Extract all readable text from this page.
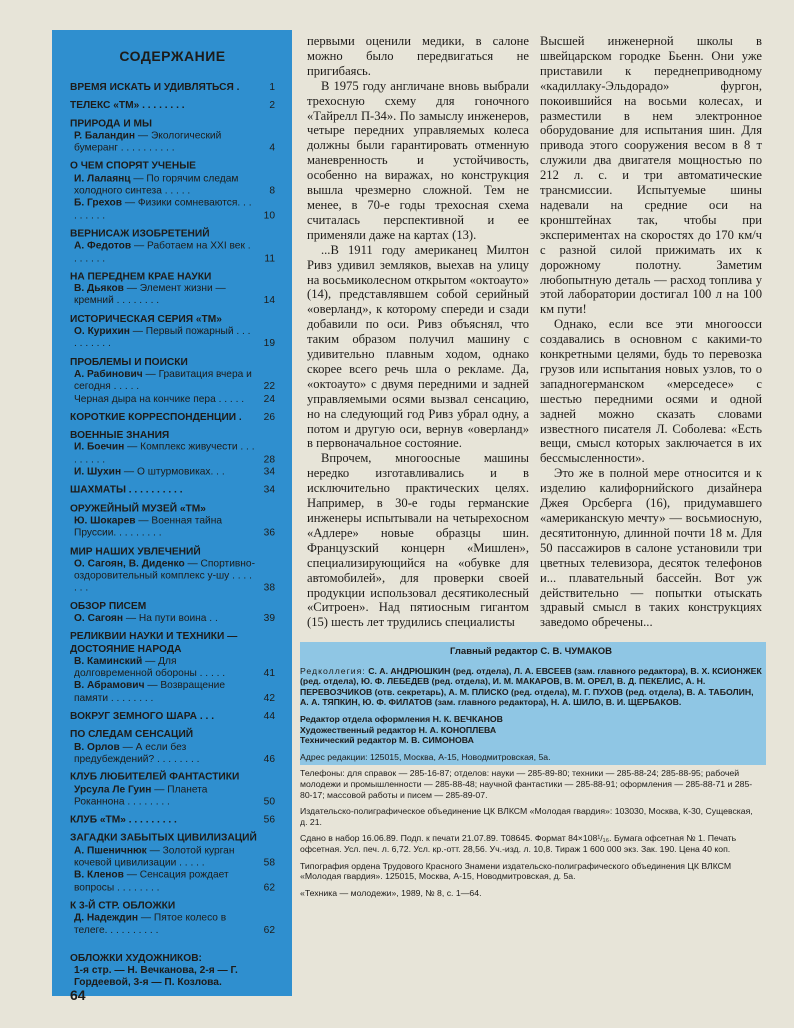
СОДЕРЖАНИЕ
ВРЕМЯ ИСКАТЬ И УДИВЛЯТЬСЯ .	1
ТЕЛЕКС «ТМ» . . . . . . . .	2
ПРИРОДА И МЫ
Р. Баландин — Экологический бумеранг . . . . . . . . . .	4
О ЧЕМ СПОРЯТ УЧЕНЫЕ
И. Лалаянц — По горячим следам холодного синтеза . . . . .	8
Б. Грехов — Физики сомневаются. . . . . . . . .	10
ВЕРНИСАЖ ИЗОБРЕТЕНИЙ
А. Федотов — Работаем на XXI век . . . . . . .	11
НА ПЕРЕДНЕМ КРАЕ НАУКИ
В. Дьяков — Элемент жизни — кремний . . . . . . . .	14
ИСТОРИЧЕСКАЯ СЕРИЯ «ТМ»
О. Курихин — Первый пожарный . . . . . . . . . .	19
ПРОБЛЕМЫ И ПОИСКИ
А. Рабинович — Гравитация вчера и сегодня . . . . .	22
Черная дыра на кончике пера . . . . .	24
КОРОТКИЕ КОРРЕСПОНДЕНЦИИ .	26
ВОЕННЫЕ ЗНАНИЯ
И. Боечин — Комплекс живучести . . . . . . . . .	28
И. Шухин — О штурмовиках. . .	34
ШАХМАТЫ . . . . . . . . . .	34
ОРУЖЕЙНЫЙ МУЗЕЙ «ТМ»
Ю. Шокарев — Военная тайна Пруссии. . . . . . . . .	36
МИР НАШИХ УВЛЕЧЕНИЙ
О. Сагоян, В. Диденко — Спортивно-оздоровительный комплекс у-шу . . . . . . .	38
ОБЗОР ПИСЕМ
О. Сагоян — На пути воина . .	39
РЕЛИКВИИ НАУКИ И ТЕХНИКИ — ДОСТОЯНИЕ НАРОДА
В. Каминский — Для долговременной обороны . . . . .	41
В. Абрамович — Возвращение памяти . . . . . . . .	42
ВОКРУГ ЗЕМНОГО ШАРА . . .	44
ПО СЛЕДАМ СЕНСАЦИЙ
В. Орлов — А если без предубеждений? . . . . . . . .	46
КЛУБ ЛЮБИТЕЛЕЙ ФАНТАСТИКИ
Урсула Ле Гуин — Планета Роканнона . . . . . . . .	50
КЛУБ «ТМ» . . . . . . . . .	56
ЗАГАДКИ ЗАБЫТЫХ ЦИВИЛИЗАЦИЙ
А. Пшеничнюк — Золотой курган кочевой цивилизации . . . . .	58
В. Кленов — Сенсация рождает вопросы . . . . . . . .	62
К 3-Й СТР. ОБЛОЖКИ
Д. Надеждин — Пятое колесо в телеге. . . . . . . . . .	62
ОБЛОЖКИ ХУДОЖНИКОВ:
1-я стр. — Н. Вечканова, 2-я — Г. Гордеевой, 3-я — П. Козлова.
64

первыми оценили медики, в салоне можно было передвигаться не пригибаясь.

В 1975 году англичане вновь выбрали трехосную схему для гоночного «Тайрелл П-34». По замыслу инженеров, четыре передних управляемых колеса должны были гарантировать отменную маневренность и устойчивость, особенно на виражах, но конструкция вышла чрезмерно сложной. Тем не менее, в 70-е годы трехосная схема считалась перспективной и ее применяли даже на картах (13).

...В 1911 году американец Милтон Ривз удивил земляков, выехав на улицу на восьмиколесном открытом «октоауто» (14), представлявшем собой серийный «оверланд», к которому спереди и сзади добавили по оси. Ривз объяснял, что таким образом получил машину с удивительно плавным ходом, однако скорее всего речь шла о рекламе. Да, «октоауто» с двумя передними и задней управляемыми осями вызвал сенсацию, но на следующий год Ривз убрал одну, а потом и другую оси, вернув «оверланд» в первоначальное состояние.

Впрочем, многоосные машины нередко изготавливались и в исключительно практических целях. Например, в 30-е годы германские инженеры испытывали на четырехосном «Адлере» новые образцы шин. Французский концерн «Мишлен», специализирующийся на «обувке для автомобилей», для проверки своей продукции использовал десятиколесный «Ситроен». Над пятиосным гигантом (15) шесть лет трудились специалисты

Высшей инженерной школы в швейцарском городке Бьенн. Они уже приставили к переднеприводному «кадиллаку-Эльдорадо» фургон, покоившийся на восьми колесах, и разместили в нем электронное оборудование для испытания шин. Для привода этого сооружения весом в 8 т служили два двигателя мощностью по 212 л. с. и три автоматические трансмиссии. Испытуемые шины надевали на средние оси на кронштейнах так, чтобы при экспериментах на скоростях до 170 км/ч с разной силой прижимать их к дорожному полотну. Заметим любопытную деталь — расход топлива у этой лаборатории достигал 100 л на 100 км пути!

Однако, если все эти многоосси создавались в основном с какими-то конкретными целями, будь то перевозка грузов или испытания новых узлов, то о западногерманском «мерседесе» с шестью передними осями и одной задней можно сказать словами известного писателя Л. Соболева: «Есть вещи, смысл которых заключается в их бессмысленности».

Это же в полной мере относится и к изделию калифорнийского дизайнера Джея Орсберга (16), придумавшего «американскую мечту» — восьмиосную, десятитонную, длинной почти 18 м. Для 50 пассажиров в салоне установили три цветных телевизора, десяток телефонов и... плавательный бассейн. Вот уж действительно — попытки отыскать здравый смысл в таких конструкциях заведомо обречены...

Главный редактор С. В. ЧУМАКОВ
Редколлегия: С. А. АНДРЮШКИН (ред. отдела), Л. А. ЕВСЕЕВ (зам. главного редактора), В. Х. КСИОНЖЕК (ред. отдела), Ю. Ф. ЛЕБЕДЕВ (ред. отдела), И. М. МАКАРОВ, В. М. ОРЕЛ, В. Д. ПЕКЕЛИС, А. Н. ПЕРЕВОЗЧИКОВ (отв. секретарь), А. М. ПЛИСКО (ред. отдела), М. Г. ПУХОВ (ред. отдела), В. А. ТАБОЛИН, А. А. ТЯПКИН, Ю. Ф. ФИЛАТОВ (зам. главного редактора), Н. А. ШИЛО, В. И. ЩЕРБАКОВ.
Редактор отдела оформления Н. К. ВЕЧКАНОВ
Художественный редактор Н. А. КОНОПЛЕВА
Технический редактор М. В. СИМОНОВА
Адрес редакции: 125015, Москва, А-15, Новодмитровская, 5а.
Телефоны: для справок — 285-16-87; отделов: науки — 285-89-80; техники — 285-88-24; 285-88-95; рабочей молодежи и промышленности — 285-88-48; научной фантастики — 285-88-91; оформления — 285-88-71 и 285-80-17; массовой работы и писем — 285-89-07.
Издательско-полиграфическое объединение ЦК ВЛКСМ «Молодая гвардия»: 103030, Москва, К-30, Сущевская, д. 21.
Сдано в набор 16.06.89. Подп. к печати 21.07.89. Т08645. Формат 84×108¹/₁₆. Бумага офсетная № 1. Печать офсетная. Усл. печ. л. 6,72. Усл. кр.-отт. 28,56. Уч.-изд. л. 10,8. Тираж 1 600 000 экз. Зак. 190. Цена 40 коп.
Типография ордена Трудового Красного Знамени издательско-полиграфического объединения ЦК ВЛКСМ «Молодая гвардия». 125015, Москва, А-15, Новодмитровская, д. 5а.
«Техника — молодежи», 1989, № 8, с. 1—64.
